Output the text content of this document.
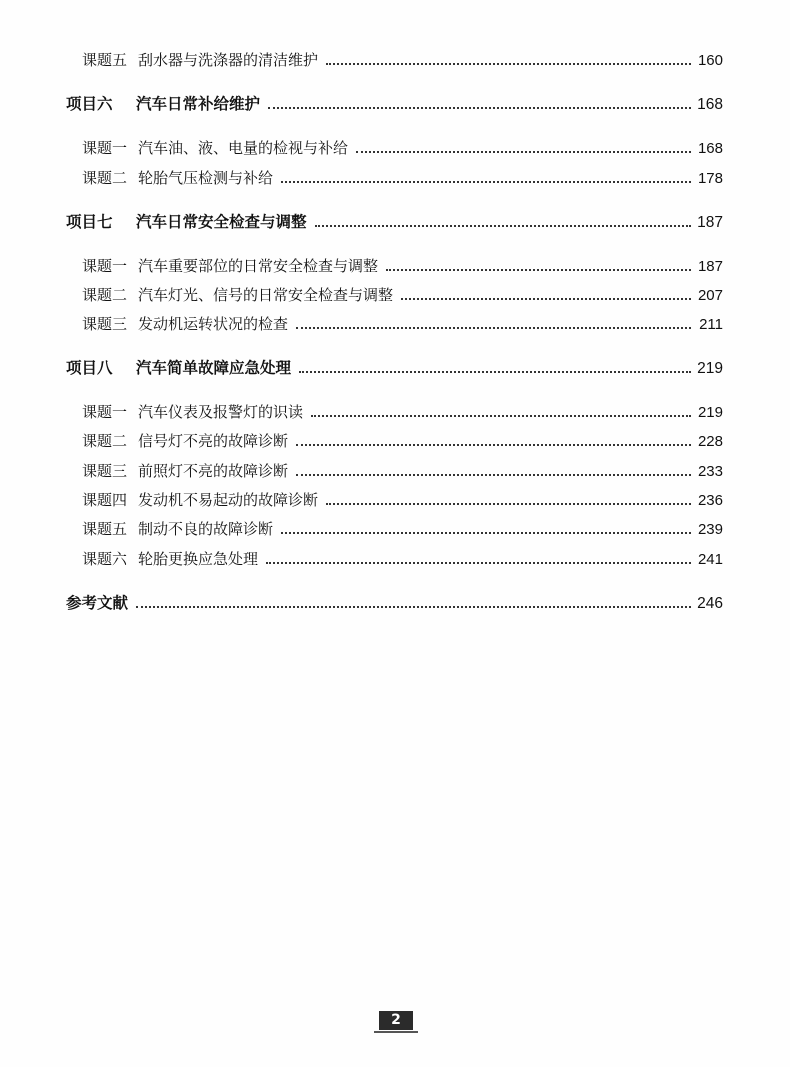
课题五 刮水器与洗涤器的清洁维护	160
项目六	汽车日常补给维护	168
课题一 汽车油、液、电量的检视与补给	168
课题二 轮胎气压检测与补给	178
项目七	汽车日常安全检查与调整	187
课题一 汽车重要部位的日常安全检查与调整	187
课题二 汽车灯光、信号的日常安全检查与调整	207
课题三 发动机运转状况的检查	211
项目八	汽车简单故障应急处理	219
课题一 汽车仪表及报警灯的识读	219
课题二 信号灯不亮的故障诊断	228
课题三 前照灯不亮的故障诊断	233
课题四 发动机不易起动的故障诊断	236
课题五 制动不良的故障诊断	239
课题六 轮胎更换应急处理	241
参考文献	246
2
